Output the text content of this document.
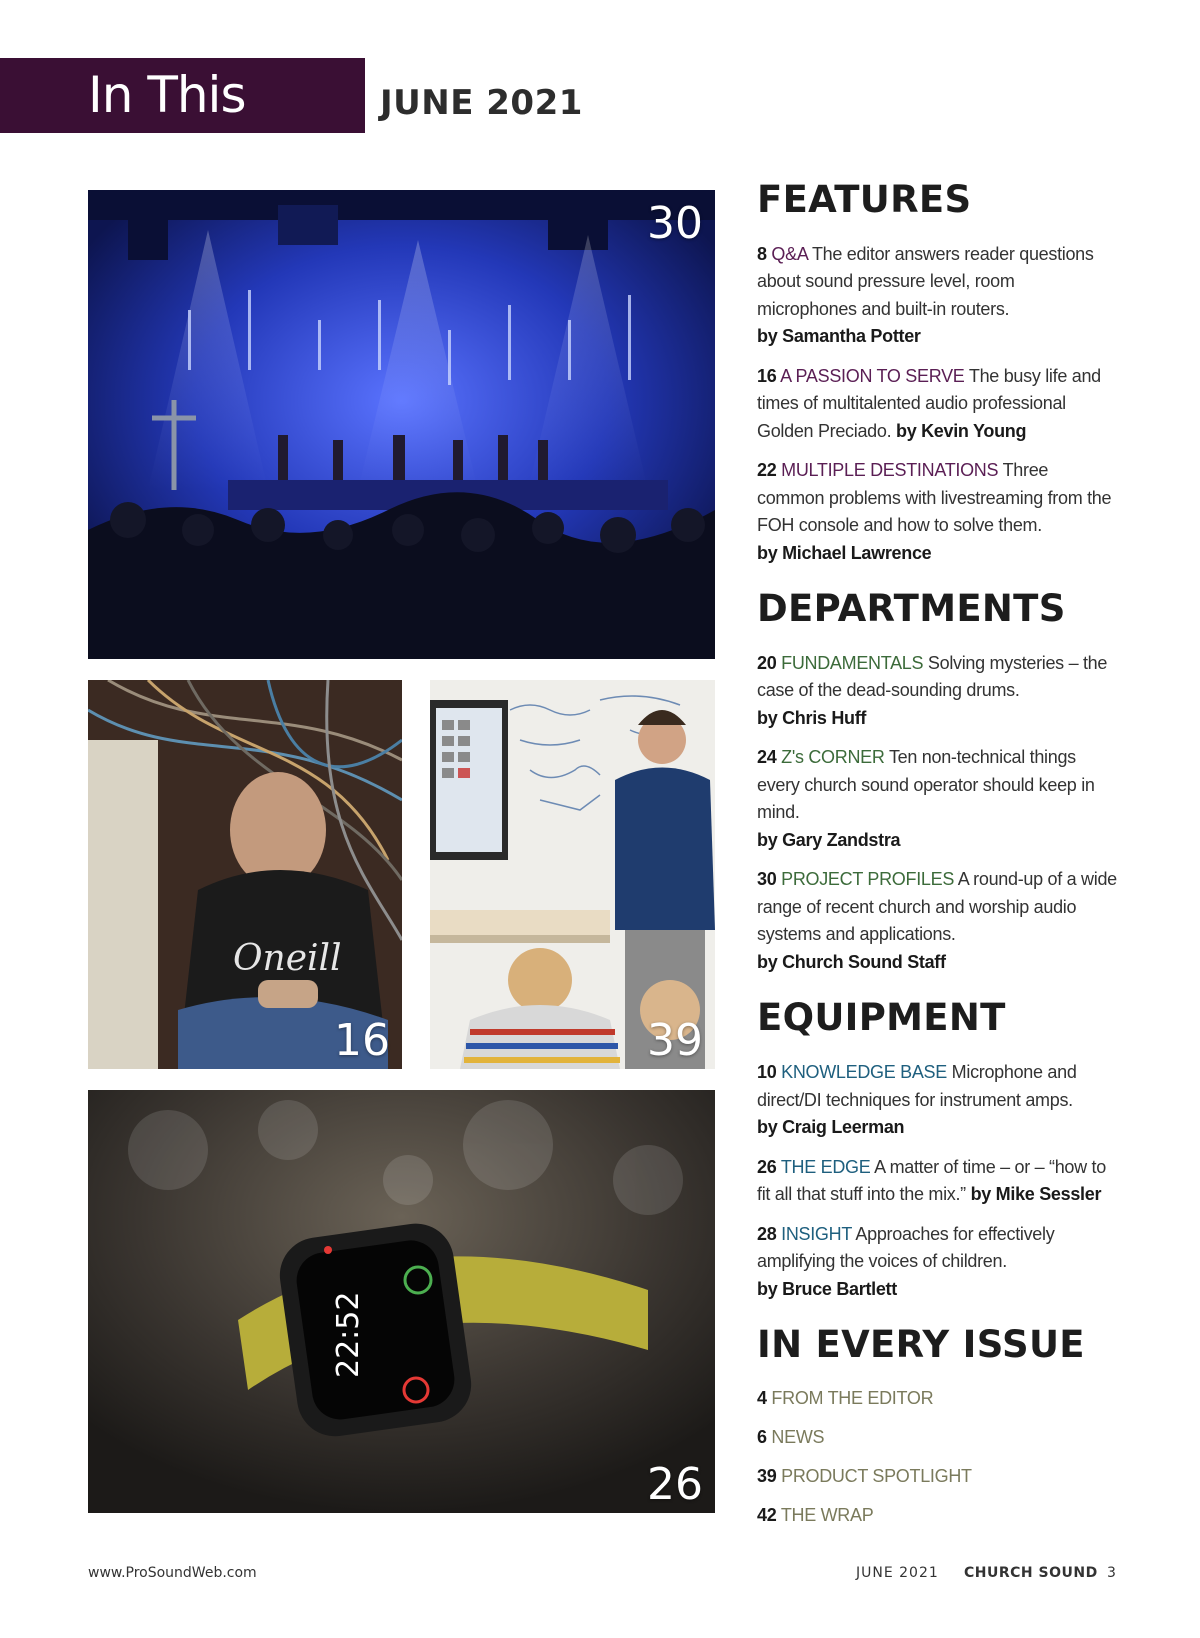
In This Issue
JUNE 2021
30
Oneill
16	39
22:52
26
FEATURES
8 Q&A The editor answers reader questions about sound pressure level, room microphones and built-in routers.
by Samantha Potter
16 A PASSION TO SERVE The busy life and times of multitalented audio professional Golden Preciado. by Kevin Young
22 MULTIPLE DESTINATIONS Three common problems with livestreaming from the FOH console and how to solve them.
by Michael Lawrence
DEPARTMENTS
20 FUNDAMENTALS Solving mysteries – the case of the dead-sounding drums.
by Chris Huff
24 Z's CORNER Ten non-technical things every church sound operator should keep in mind.
by Gary Zandstra
30 PROJECT PROFILES A round-up of a wide range of recent church and worship audio systems and applications.
by Church Sound Staff
EQUIPMENT
10 KNOWLEDGE BASE Microphone and direct/DI techniques for instrument amps.
by Craig Leerman
26 THE EDGE A matter of time – or – “how to fit all that stuff into the mix.” by Mike Sessler
28 INSIGHT Approaches for effectively amplifying the voices of children.
by Bruce Bartlett
IN EVERY ISSUE
4 FROM THE EDITOR
6 NEWS
39 PRODUCT SPOTLIGHT
42 THE WRAP
www.ProSoundWeb.com	JUNE 2021 CHURCH SOUND 3
